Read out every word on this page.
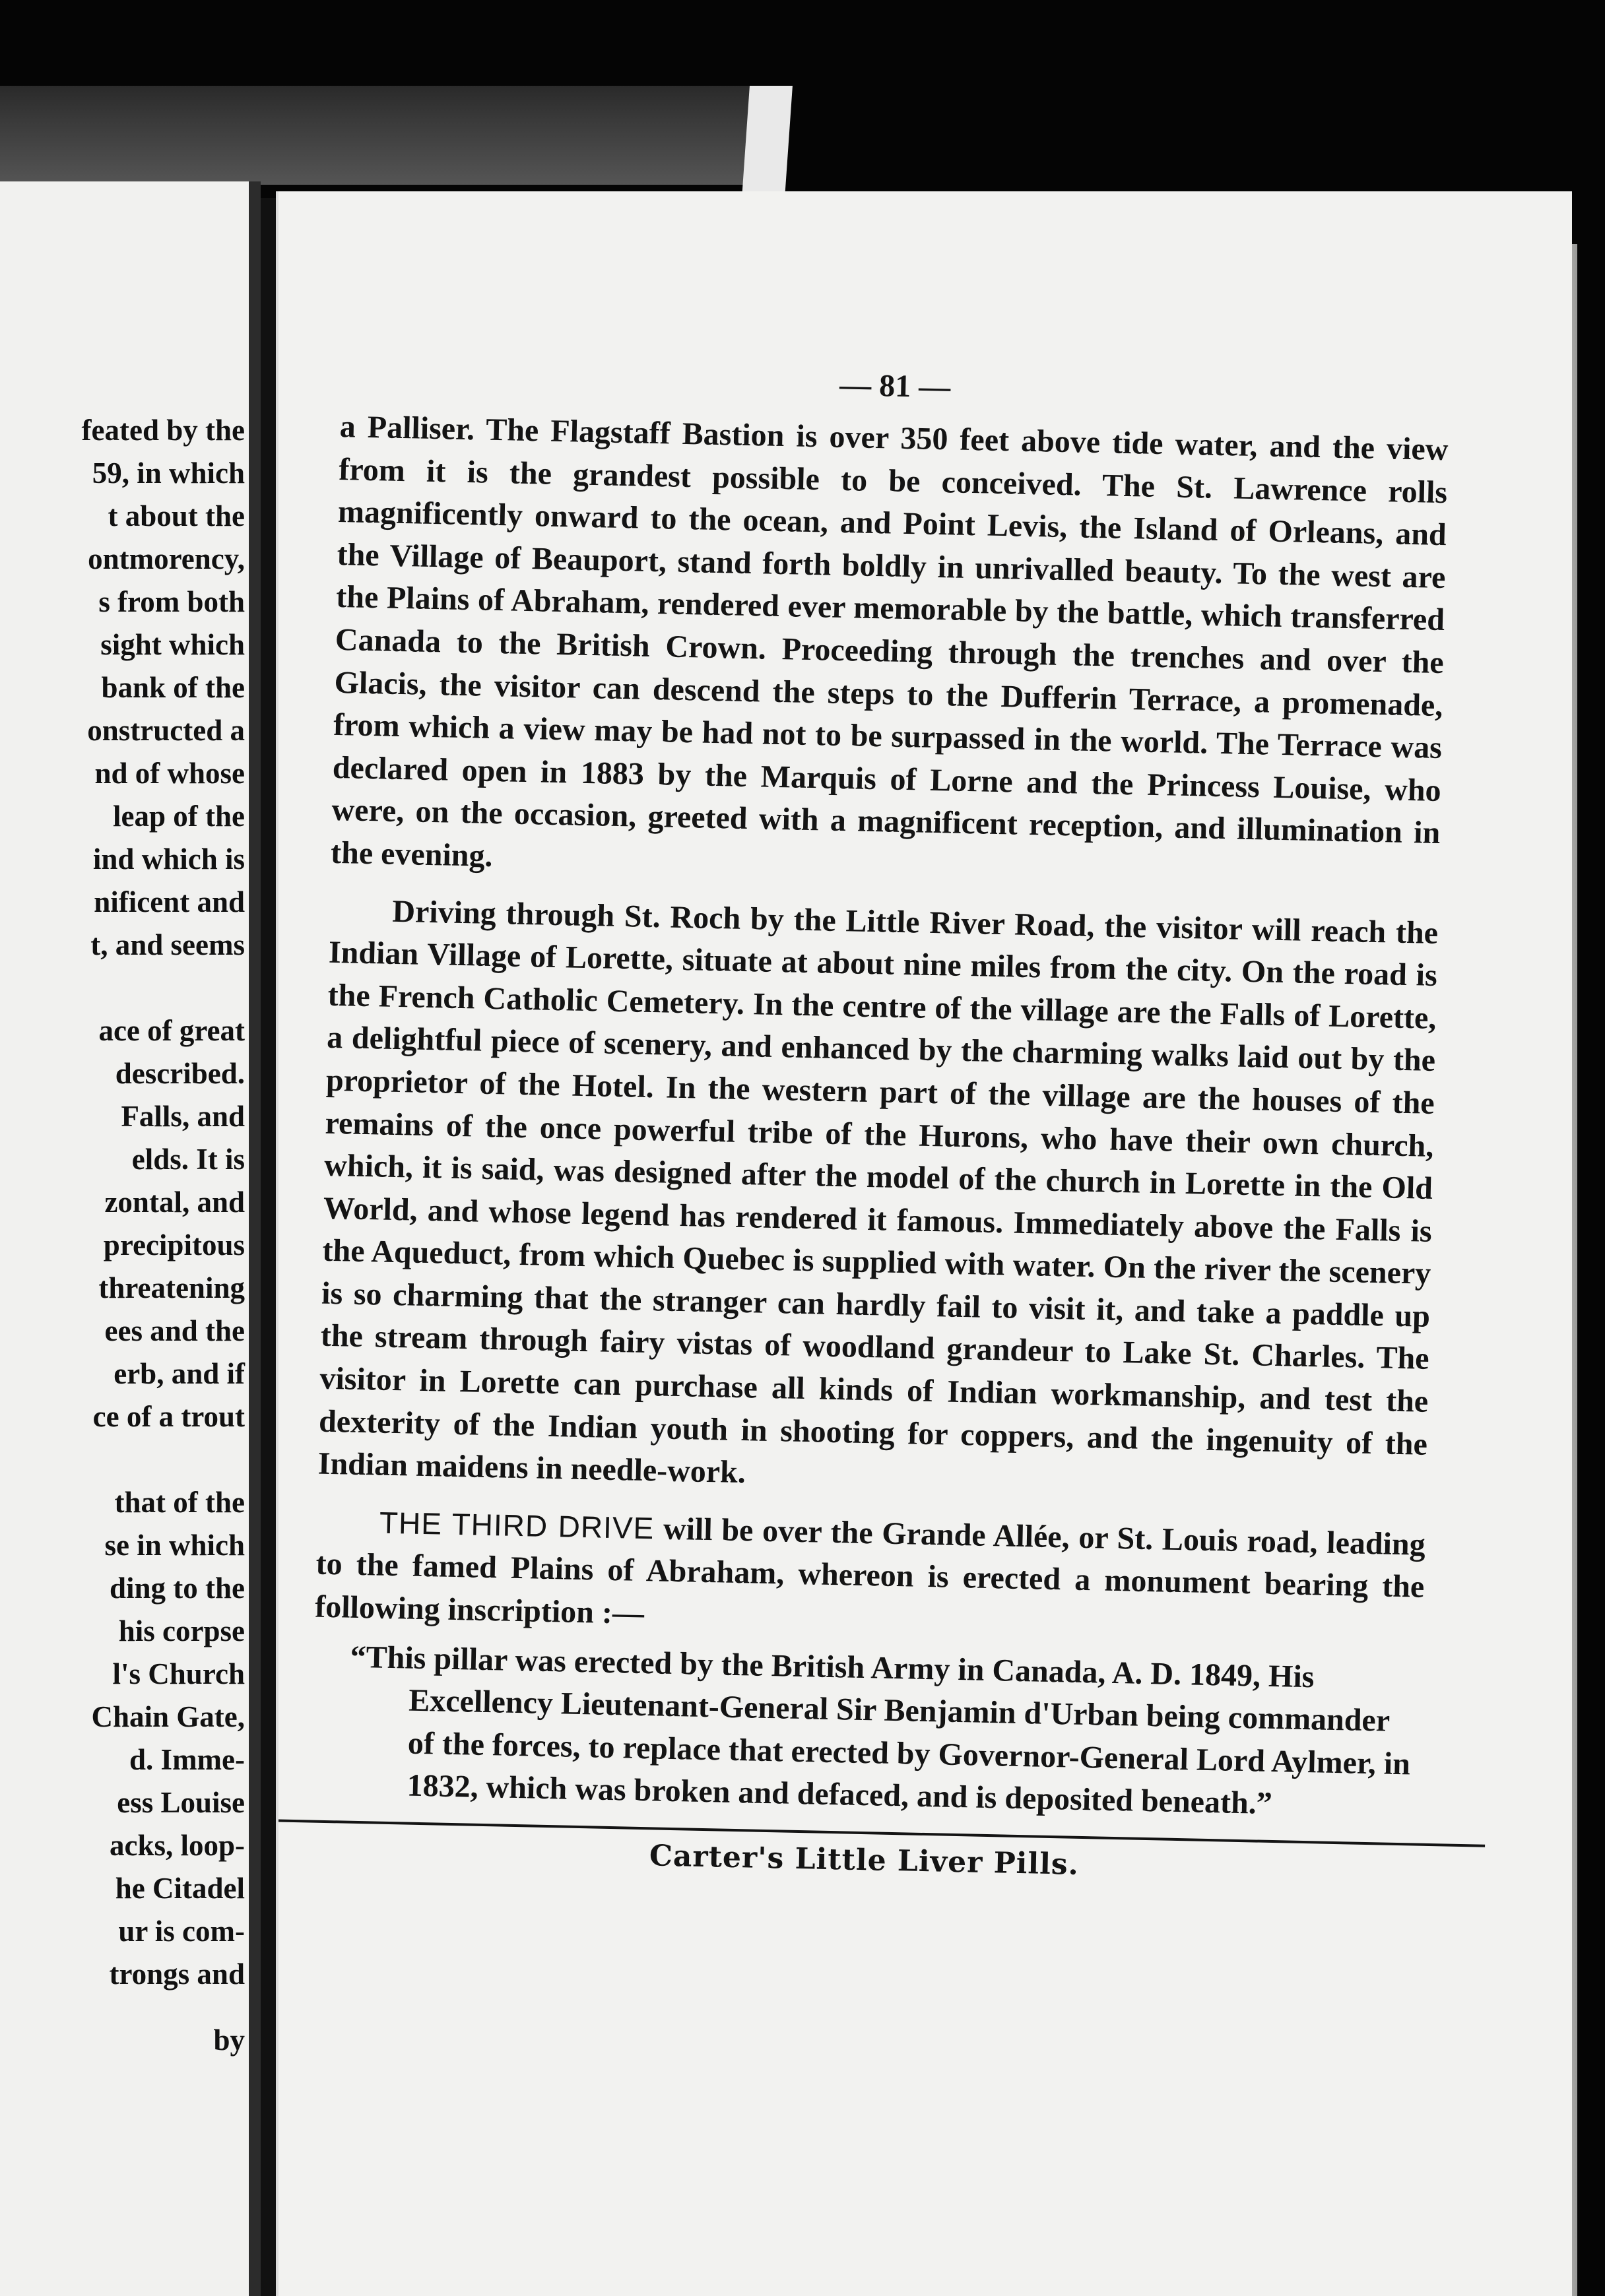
feated by the
59, in which
t about the
ontmorency,
s from both
sight which
bank of the
onstructed a
nd of whose
leap of the
ind which is
nificent and
t, and seems
ace of great
described.
Falls, and
elds. It is
zontal, and
precipitous
threatening
ees and the
erb, and if
ce of a trout
that of the
se in which
ding to the
his corpse
l's Church
Chain Gate,
d. Imme-
ess Louise
acks, loop-
he Citadel
ur is com-
trongs and
by
— 81 —

a Palliser. The Flagstaff Bastion is over 350 feet above tide water, and the view from it is the grandest possible to be conceived. The St. Lawrence rolls magnificently onward to the ocean, and Point Levis, the Island of Orleans, and the Village of Beauport, stand forth boldly in unrivalled beauty. To the west are the Plains of Abraham, rendered ever memorable by the battle, which transferred Canada to the British Crown. Proceeding through the trenches and over the Glacis, the visitor can descend the steps to the Dufferin Terrace, a promenade, from which a view may be had not to be surpassed in the world. The Terrace was declared open in 1883 by the Marquis of Lorne and the Princess Louise, who were, on the occasion, greeted with a magnificent reception, and illumination in the evening.

Driving through St. Roch by the Little River Road, the visitor will reach the Indian Village of Lorette, situate at about nine miles from the city. On the road is the French Catholic Cemetery. In the centre of the village are the Falls of Lorette, a delightful piece of scenery, and enhanced by the charming walks laid out by the proprietor of the Hotel. In the western part of the village are the houses of the remains of the once powerful tribe of the Hurons, who have their own church, which, it is said, was designed after the model of the church in Lorette in the Old World, and whose legend has rendered it famous. Immediately above the Falls is the Aqueduct, from which Quebec is supplied with water. On the river the scenery is so charming that the stranger can hardly fail to visit it, and take a paddle up the stream through fairy vistas of woodland grandeur to Lake St. Charles. The visitor in Lorette can purchase all kinds of Indian workmanship, and test the dexterity of the Indian youth in shooting for coppers, and the ingenuity of the Indian maidens in needle-work.

THE THIRD DRIVE will be over the Grande Allée, or St. Louis road, leading to the famed Plains of Abraham, whereon is erected a monument bearing the following inscription :—

“This pillar was erected by the British Army in Canada, A. D. 1849, His Excellency Lieutenant-General Sir Benjamin d'Urban being commander of the forces, to replace that erected by Governor-General Lord Aylmer, in 1832, which was broken and defaced, and is deposited beneath.”

Carter's Little Liver Pills.
